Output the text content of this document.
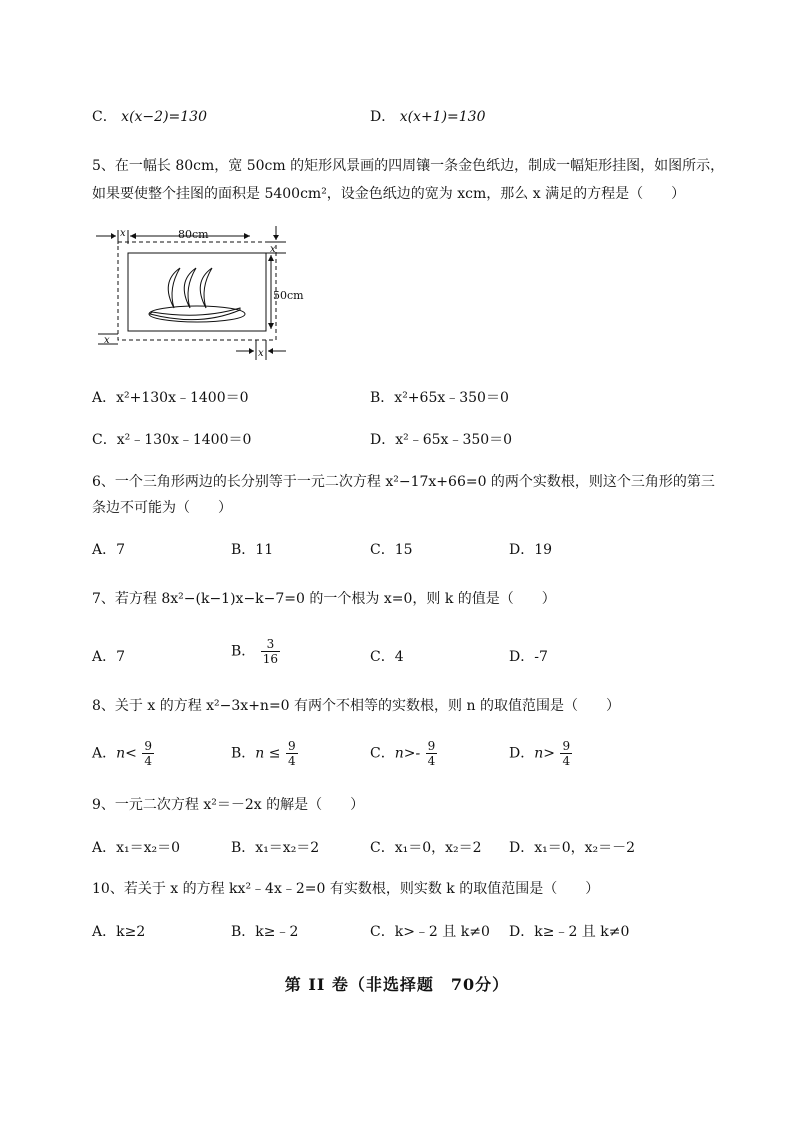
C． x(x−2)=130	D． x(x+1)=130
5、在一幅长 80cm，宽 50cm 的矩形风景画的四周镶一条金色纸边，制成一幅矩形挂图，如图所示，
如果要使整个挂图的面积是 5400cm²，设金色纸边的宽为 xcm，那么 x 满足的方程是（　　）
80cm
x
x
50cm
x
x
A．x²+130x﹣1400＝0	B．x²+65x﹣350＝0
C．x²﹣130x﹣1400＝0	D．x²﹣65x﹣350＝0
6、一个三角形两边的长分别等于一元二次方程 x²−17x+66=0 的两个实数根，则这个三角形的第三
条边不可能为（　　）
A．7	B．11	C．15	D．19
7、若方程 8x²−(k−1)x−k−7=0 的一个根为 x=0，则 k 的值是（　　）
A．7	B． $\frac{3}{16}$	C．4	D．-7
8、关于 x 的方程 x²−3x+n=0 有两个不相等的实数根，则 n 的取值范围是（　　）
A．$n< \frac{9}{4}$	B．$n \le \frac{9}{4}$	C．$n>- \frac{9}{4}$	D．$n> \frac{9}{4}$
9、一元二次方程 x²＝－2x 的解是（　　）
A．x₁＝x₂＝0	B．x₁＝x₂＝2	C．x₁＝0，x₂＝2 D．x₁＝0，x₂＝－2
10、若关于 x 的方程 kx²﹣4x﹣2=0 有实数根，则实数 k 的取值范围是（　　）
A．k≥2	B．k≥﹣2	C．k>﹣2 且 k≠0 D．k≥﹣2 且 k≠0
第 II 卷（非选择题　70分）
